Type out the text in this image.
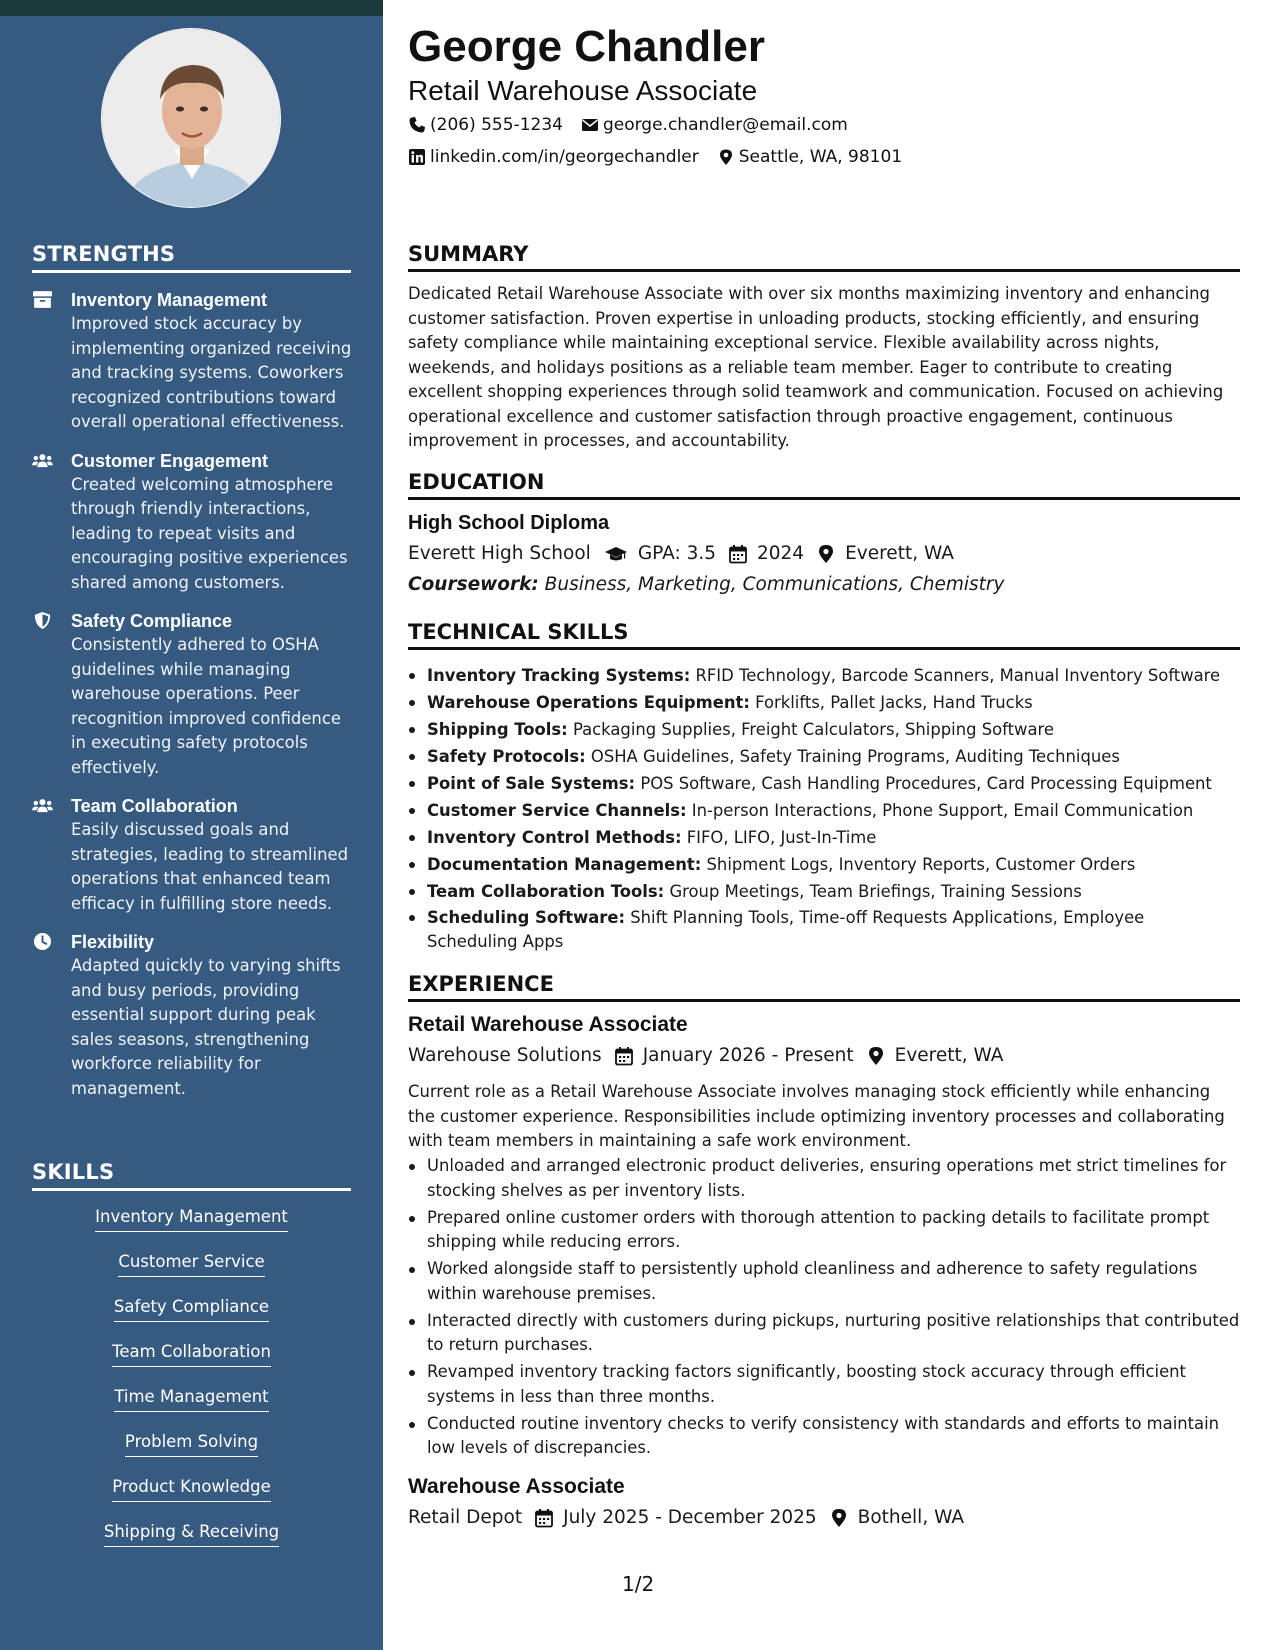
STRENGTHS
Inventory Management
Improved stock accuracy by implementing organized receiving and tracking systems. Coworkers recognized contributions toward overall operational effectiveness.
Customer Engagement
Created welcoming atmosphere through friendly interactions, leading to repeat visits and encouraging positive experiences shared among customers.
Safety Compliance
Consistently adhered to OSHA guidelines while managing warehouse operations. Peer recognition improved confidence in executing safety protocols effectively.
Team Collaboration
Easily discussed goals and strategies, leading to streamlined operations that enhanced team efficacy in fulfilling store needs.
Flexibility
Adapted quickly to varying shifts and busy periods, providing essential support during peak sales seasons, strengthening workforce reliability for management.
SKILLS
Inventory Management
Customer Service
Safety Compliance
Team Collaboration
Time Management
Problem Solving
Product Knowledge
Shipping & Receiving
George Chandler
Retail Warehouse Associate
(206) 555-1234 george.chandler@email.com
linkedin.com/in/georgechandler Seattle, WA, 98101
SUMMARY
Dedicated Retail Warehouse Associate with over six months maximizing inventory and enhancing customer satisfaction. Proven expertise in unloading products, stocking efficiently, and ensuring safety compliance while maintaining exceptional service. Flexible availability across nights, weekends, and holidays positions as a reliable team member. Eager to contribute to creating excellent shopping experiences through solid teamwork and communication. Focused on achieving operational excellence and customer satisfaction through proactive engagement, continuous improvement in processes, and accountability.
EDUCATION
High School Diploma
Everett High School	GPA: 3.5 2024 Everett, WA
Coursework: Business, Marketing, Communications, Chemistry
TECHNICAL SKILLS
Inventory Tracking Systems: RFID Technology, Barcode Scanners, Manual Inventory Software
Warehouse Operations Equipment: Forklifts, Pallet Jacks, Hand Trucks
Shipping Tools: Packaging Supplies, Freight Calculators, Shipping Software
Safety Protocols: OSHA Guidelines, Safety Training Programs, Auditing Techniques
Point of Sale Systems: POS Software, Cash Handling Procedures, Card Processing Equipment
Customer Service Channels: In-person Interactions, Phone Support, Email Communication
Inventory Control Methods: FIFO, LIFO, Just-In-Time
Documentation Management: Shipment Logs, Inventory Reports, Customer Orders
Team Collaboration Tools: Group Meetings, Team Briefings, Training Sessions
Scheduling Software: Shift Planning Tools, Time-off Requests Applications, Employee Scheduling Apps
EXPERIENCE
Retail Warehouse Associate
Warehouse Solutions January 2026 - Present Everett, WA
Current role as a Retail Warehouse Associate involves managing stock efficiently while enhancing the customer experience. Responsibilities include optimizing inventory processes and collaborating with team members in maintaining a safe work environment.
Unloaded and arranged electronic product deliveries, ensuring operations met strict timelines for stocking shelves as per inventory lists.
Prepared online customer orders with thorough attention to packing details to facilitate prompt shipping while reducing errors.
Worked alongside staff to persistently uphold cleanliness and adherence to safety regulations within warehouse premises.
Interacted directly with customers during pickups, nurturing positive relationships that contributed to return purchases.
Revamped inventory tracking factors significantly, boosting stock accuracy through efficient systems in less than three months.
Conducted routine inventory checks to verify consistency with standards and efforts to maintain low levels of discrepancies.
Warehouse Associate
Retail Depot July 2025 - December 2025 Bothell, WA
1/2
